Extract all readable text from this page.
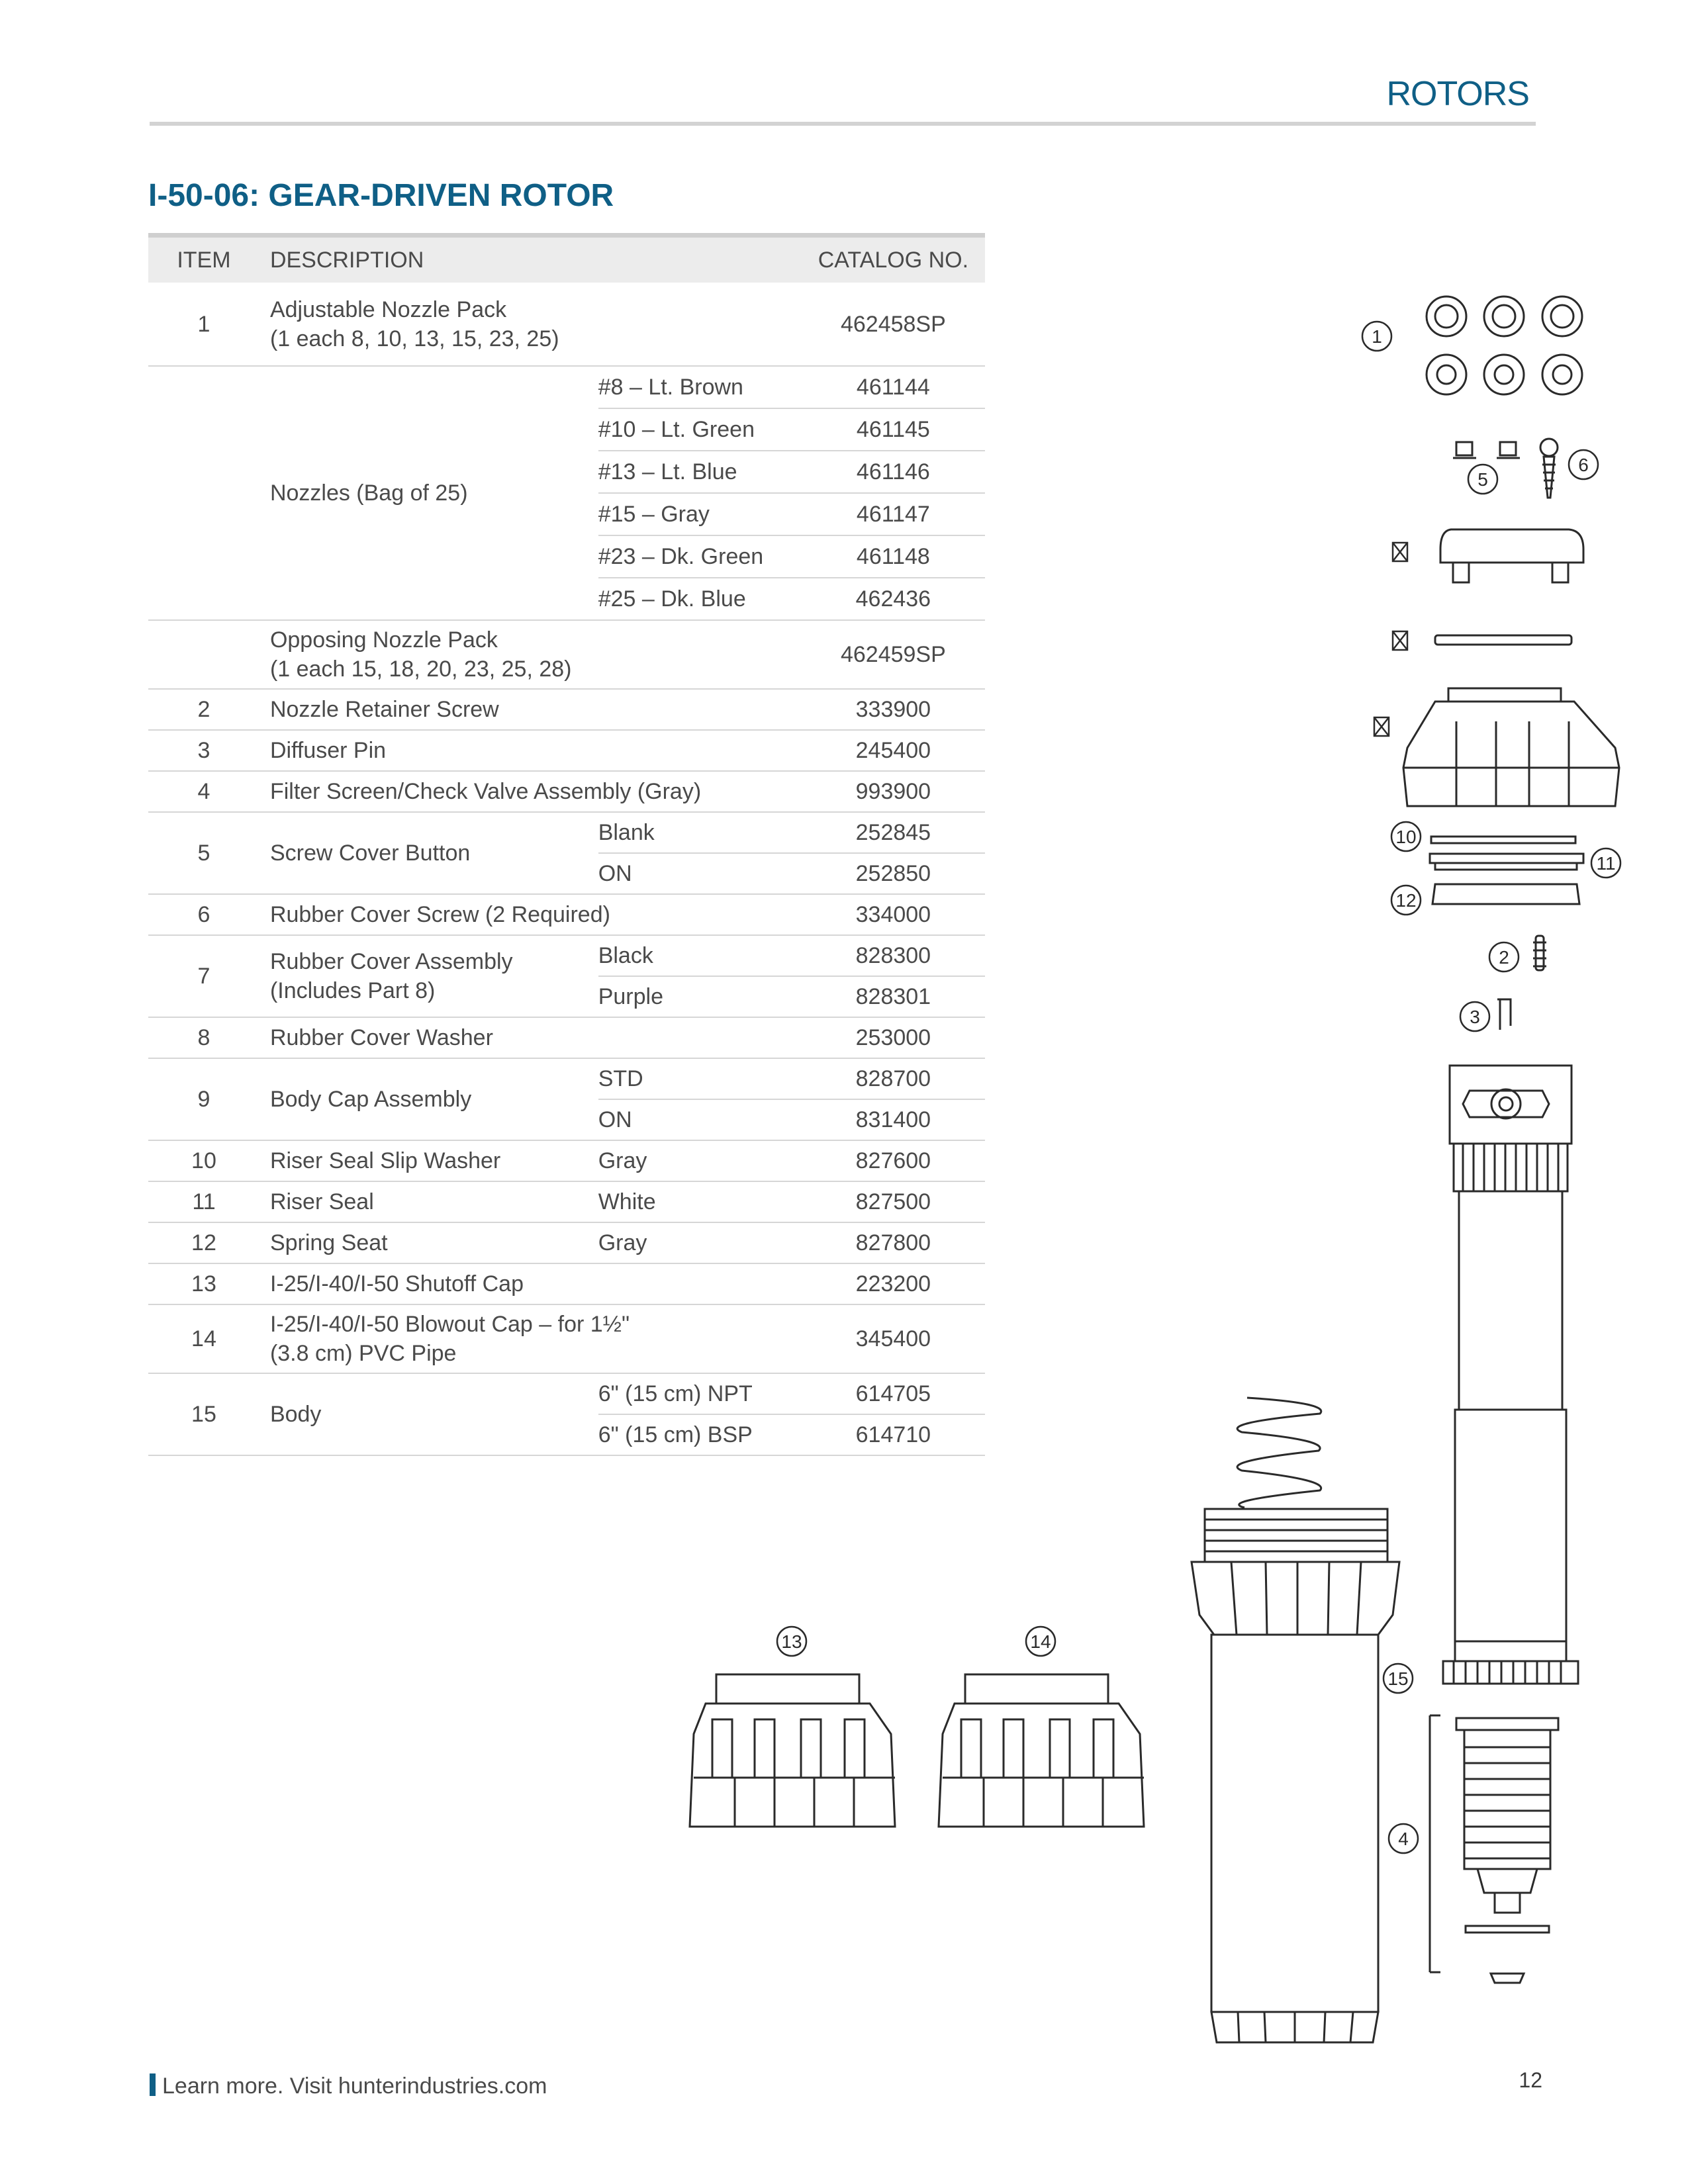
ROTORS
I-50-06: GEAR-DRIVEN ROTOR
ITEM	DESCRIPTION		CATALOG NO.
1	Adjustable Nozzle Pack
(1 each 8, 10, 13, 15, 23, 25)		462458SP
	Nozzles (Bag of 25)	#8 – Lt. Brown	461144
		#10 – Lt. Green	461145
		#13 – Lt. Blue	461146
		#15 – Gray	461147
		#23 – Dk. Green	461148
		#25 – Dk. Blue	462436

	Opposing Nozzle Pack
(1 each 15, 18, 20, 23, 25, 28)		462459SP
2	Nozzle Retainer Screw		333900
3	Diffuser Pin		245400
4	Filter Screen/Check Valve Assembly (Gray)		993900
5	Screw Cover Button	Blank	252845
		ON	252850
6	Rubber Cover Screw (2 Required)		334000
7	Rubber Cover Assembly
(Includes Part 8)	Black	828300
		Purple	828301
8	Rubber Cover Washer		253000
9	Body Cap Assembly	STD	828700
		ON	831400
10	Riser Seal Slip Washer	Gray	827600
11	Riser Seal	White	827500
12	Spring Seat	Gray	827800
13	I-25/I-40/I-50 Shutoff Cap		223200
14	I-25/I-40/I-50 Blowout Cap – for 1½"
(3.8 cm) PVC Pipe		345400
15	Body	6" (15 cm) NPT	614705
		6" (15 cm) BSP	614710
1
5
6
10
11
12
2
3
13	14
15
4
Learn more. Visit hunterindustries.com	12
